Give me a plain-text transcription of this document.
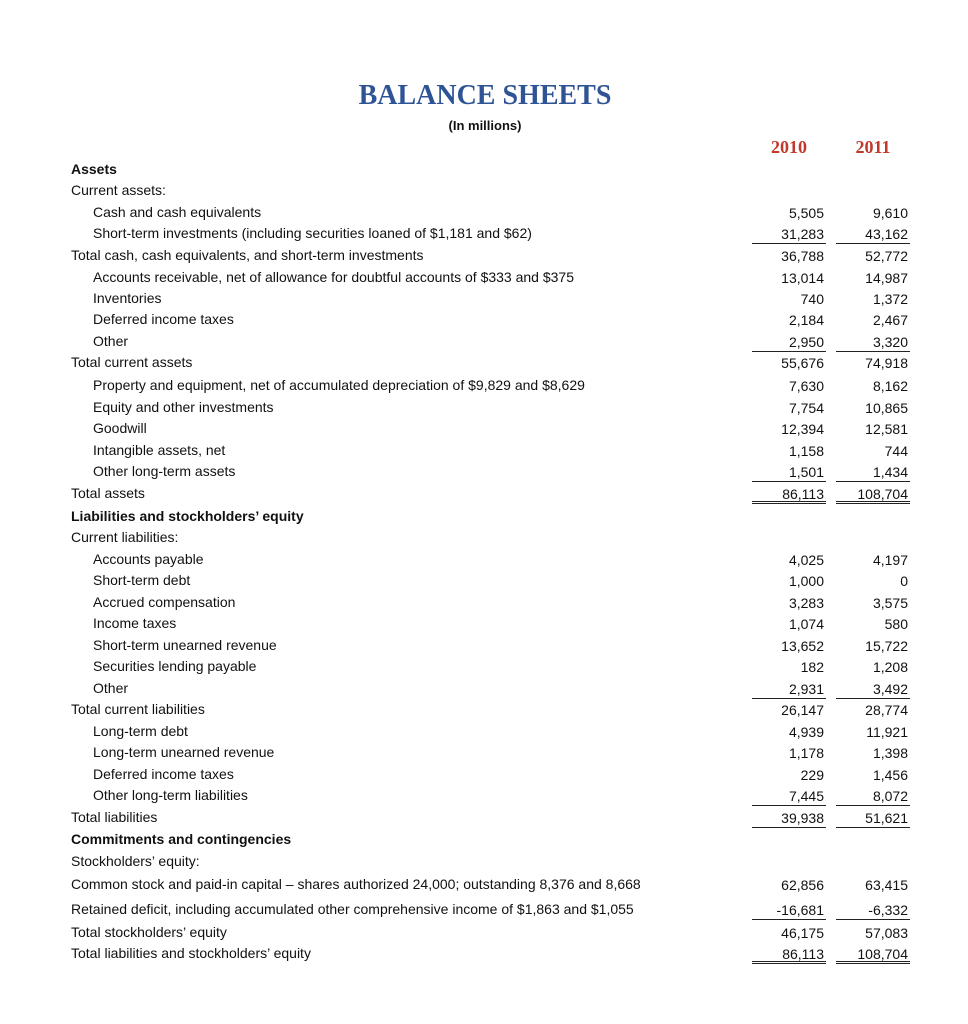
BALANCE SHEETS
(In millions)
2010	2011
Assets
Current assets:
Cash and cash equivalents	5,505	9,610
Short-term investments (including securities loaned of $1,181 and $62)	31,283	43,162
Total cash, cash equivalents, and short-term investments	36,788	52,772
Accounts receivable, net of allowance for doubtful accounts of $333 and $375	13,014	14,987
Inventories	740	1,372
Deferred income taxes	2,184	2,467
Other	2,950	3,320
Total current assets	55,676	74,918
Property and equipment, net of accumulated depreciation of $9,829 and $8,629	7,630	8,162
Equity and other investments	7,754	10,865
Goodwill	12,394	12,581
Intangible assets, net	1,158	744
Other long-term assets	1,501	1,434
Total assets	86,113	108,704
Liabilities and stockholders’ equity
Current liabilities:
Accounts payable	4,025	4,197
Short-term debt	1,000	0
Accrued compensation	3,283	3,575
Income taxes	1,074	580
Short-term unearned revenue	13,652	15,722
Securities lending payable	182	1,208
Other	2,931	3,492
Total current liabilities	26,147	28,774
Long-term debt	4,939	11,921
Long-term unearned revenue	1,178	1,398
Deferred income taxes	229	1,456
Other long-term liabilities	7,445	8,072
Total liabilities	39,938	51,621
Commitments and contingencies
Stockholders’ equity:
Common stock and paid-in capital – shares authorized 24,000; outstanding 8,376 and 8,668	62,856	63,415
Retained deficit, including accumulated other comprehensive income of $1,863 and $1,055	-16,681	-6,332
Total stockholders’ equity	46,175	57,083
Total liabilities and stockholders’ equity	86,113	108,704
